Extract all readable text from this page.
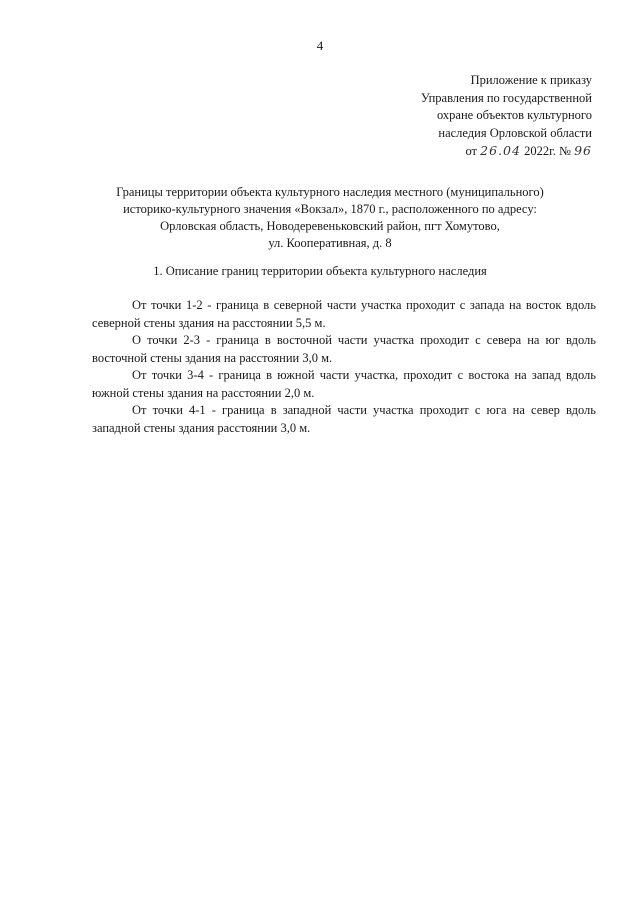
4
Приложение к приказу
Управления по государственной
охране объектов культурного
наследия Орловской области
от 26.04 2022г. № 96
Границы территории объекта культурного наследия местного (муниципального)
историко-культурного значения «Вокзал», 1870 г., расположенного по адресу:
Орловская область, Новодеревеньковский район, пгт Хомутово,
ул. Кооперативная, д. 8
1. Описание границ территории объекта культурного наследия

От точки 1-2 - граница в северной части участка проходит с запада на восток вдоль северной стены здания на расстоянии 5,5 м.

О точки 2-3 - граница в восточной части участка проходит с севера на юг вдоль восточной стены здания на расстоянии 3,0 м.

От точки 3-4 - граница в южной части участка, проходит с востока на запад вдоль южной стены здания на расстоянии 2,0 м.

От точки 4-1 - граница в западной части участка проходит с юга на север вдоль западной стены здания расстоянии 3,0 м.
